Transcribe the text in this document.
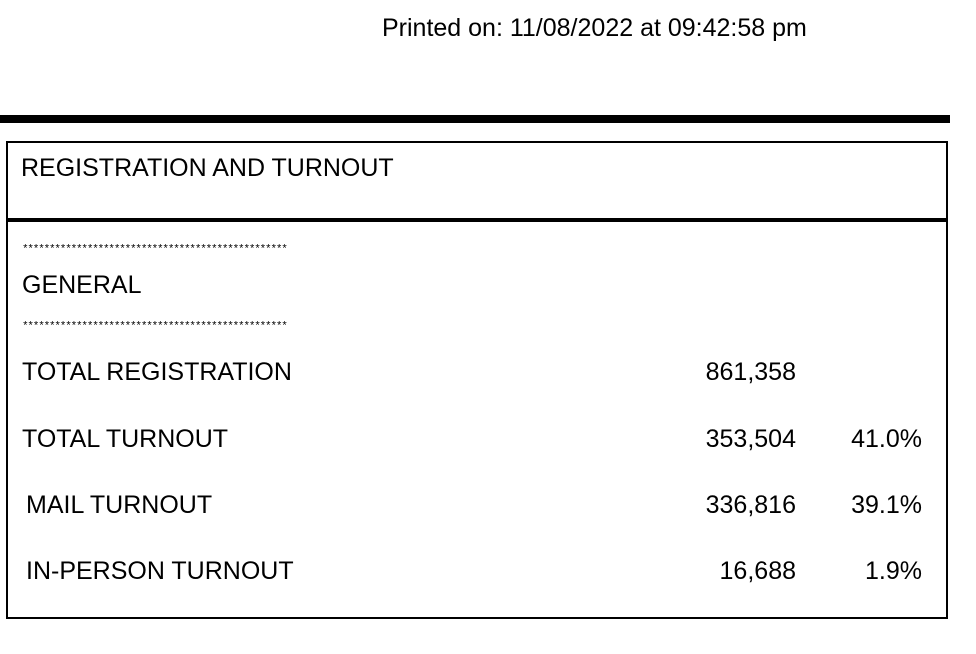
Printed on: 11/08/2022 at 09:42:58 pm
REGISTRATION AND TURNOUT
*************************************************
GENERAL
*************************************************
TOTAL REGISTRATION	861,358
TOTAL TURNOUT	353,504 41.0%
MAIL TURNOUT	336,816 39.1%
IN-PERSON TURNOUT	16,688	1.9%
